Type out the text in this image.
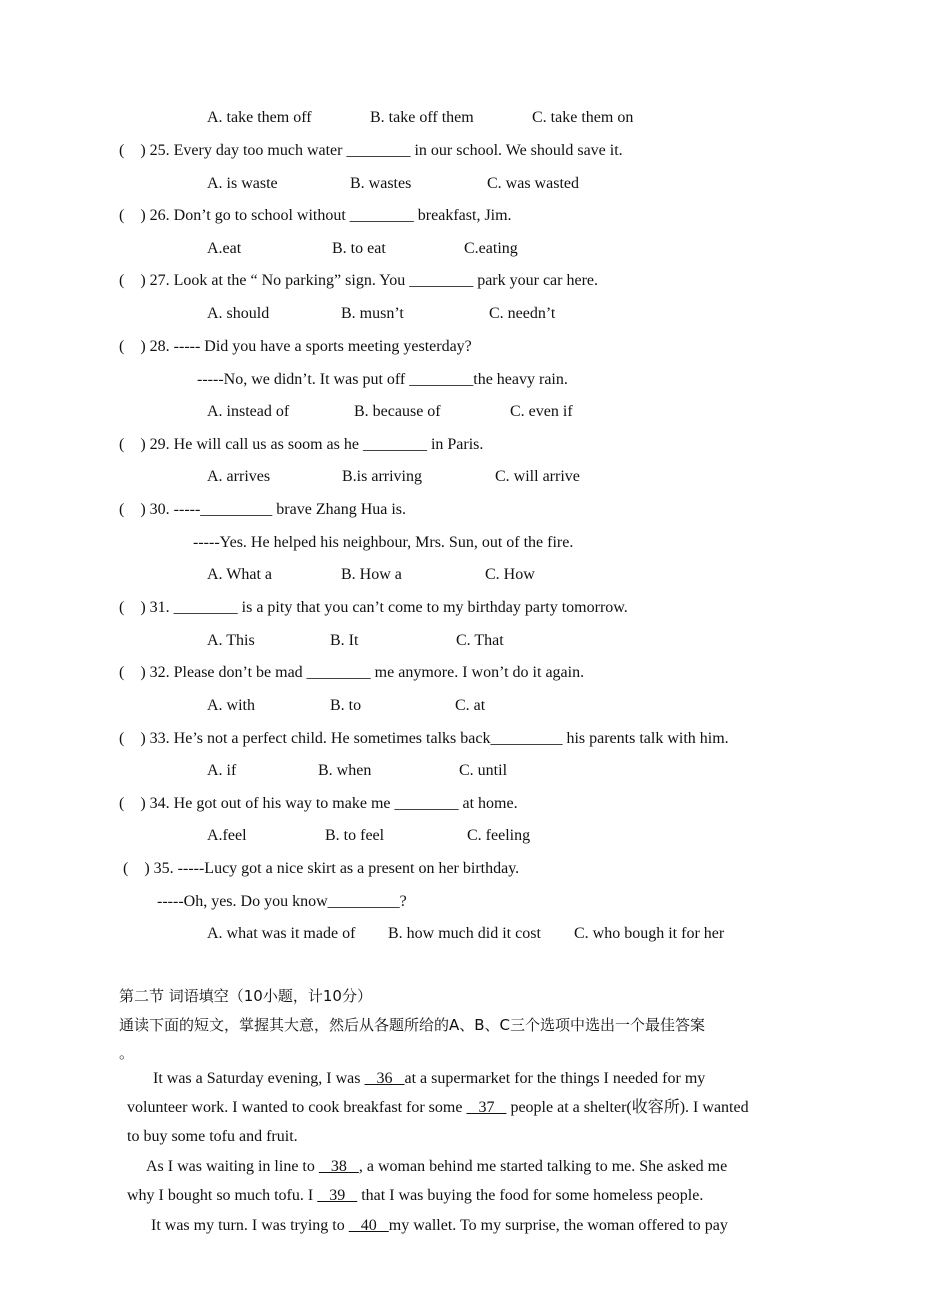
A. take them off	B. take off them	C. take them on
(    ) 25. Every day too much water ________ in our school. We should save it.
A. is waste	B. wastes	C. was wasted
(    ) 26. Don’t go to school without ________ breakfast, Jim.
A.eat	B. to eat	C.eating
(    ) 27. Look at the “ No parking” sign. You ________ park your car here.
A. should	B. musn’t	C. needn’t
(    ) 28. ----- Did you have a sports meeting yesterday?
-----No, we didn’t. It was put off ________the heavy rain.
A. instead of	B. because of	C. even if
(    ) 29. He will call us as soom as he ________ in Paris.
A. arrives	B.is arriving	C. will arrive
(    ) 30. -----_________ brave Zhang Hua is.
-----Yes. He helped his neighbour, Mrs. Sun, out of the fire.
A. What a	B. How a	C. How
(    ) 31. ________ is a pity that you can’t come to my birthday party tomorrow.
A. This	B. It	C. That
(    ) 32. Please don’t be mad ________ me anymore. I won’t do it again.
A. with	B. to	C. at
(    ) 33. He’s not a perfect child. He sometimes talks back_________ his parents talk with him.
A. if	B. when	C. until
(    ) 34. He got out of his way to make me ________ at home.
A.feel	B. to feel	C. feeling
(    ) 35. -----Lucy got a nice skirt as a present on her birthday.
-----Oh, yes. Do you know_________?
A. what was it made of B. how much did it cost C. who bough it for her
第二节 词语填空（10小题，计10分）
通读下面的短文，掌握其大意，然后从各题所给的A、B、C三个选项中选出一个最佳答案
。
It was a Saturday evening, I was    36   at a supermarket for the things I needed for my
volunteer work. I wanted to cook breakfast for some    37    people at a shelter(收容所). I wanted
to buy some tofu and fruit.
As I was waiting in line to    38   , a woman behind me started talking to me. She asked me
why I bought so much tofu. I    39    that I was buying the food for some homeless people.
It was my turn. I was trying to    40   my wallet. To my surprise, the woman offered to pay
